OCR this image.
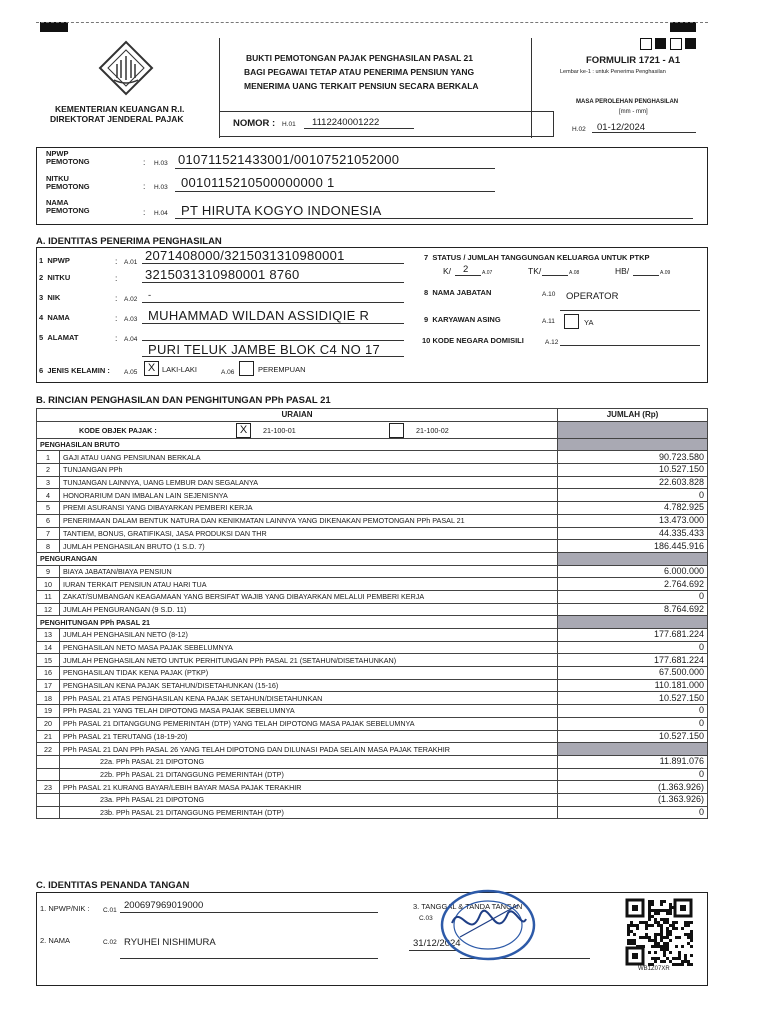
KEMENTERIAN KEUANGAN R.I.
DIREKTORAT JENDERAL PAJAK
BUKTI PEMOTONGAN PAJAK PENGHASILAN PASAL 21
BAGI PEGAWAI TETAP ATAU PENERIMA PENSIUN YANG
MENERIMA UANG TERKAIT PENSIUN SECARA BERKALA
NOMOR : H.01 1112240001222
FORMULIR 1721 - A1
Lembar ke-1 : untuk Penerima Penghasilan
MASA PEROLEHAN PENGHASILAN
[mm - mm]
H.02 01-12/2024
NPWP
PEMOTONG	: H.03 010711521433001/00107521052000
NITKU
PEMOTONG	: H.03 0010115210500000000 1
NAMA
PEMOTONG	: H.04 PT HIRUTA KOGYO INDONESIA
A. IDENTITAS PENERIMA PENGHASILAN
1  NPWP	: A.01 2071408000/3215031310980001
2  NITKU	: 3215031310980001 8760
3  NIK	: A.02 -
4  NAMA	: A.03 MUHAMMAD WILDAN ASSIDIQIE R
5  ALAMAT	: A.04
PURI TELUK JAMBE BLOK C4 NO 17
6  JENIS KELAMIN : A.05 X LAKI-LAKI	A.06	PEREMPUAN
7  STATUS / JUMLAH TANGGUNGAN KELUARGA UNTUK PTKP
K/ 2	A.07	TK/	A.08	HB/	A.09
8  NAMA JABATAN	A.10 OPERATOR
9  KARYAWAN ASING	A.11	YA
10 KODE NEGARA DOMISILI	A.12
B. RINCIAN PENGHASILAN DAN PENGHITUNGAN PPh PASAL 21
URAIAN		JUMLAH (Rp)

KODE OBJEK PAJAK : X 21-100-01 21-100-02		

PENGHASILAN BRUTO		
1	GAJI ATAU UANG PENSIUNAN BERKALA	90.723.580
2	TUNJANGAN PPh	10.527.150
3	TUNJANGAN LAINNYA, UANG LEMBUR DAN SEGALANYA	22.603.828
4	HONORARIUM DAN IMBALAN LAIN SEJENISNYA	0
5	PREMI ASURANSI YANG DIBAYARKAN PEMBERI KERJA	4.782.925
6	PENERIMAAN DALAM BENTUK NATURA DAN KENIKMATAN LAINNYA YANG DIKENAKAN PEMOTONGAN PPh PASAL 21	13.473.000
7	TANTIEM, BONUS, GRATIFIKASI, JASA PRODUKSI DAN THR	44.335.433
8	JUMLAH PENGHASILAN BRUTO (1 S.D. 7)	186.445.916
PENGURANGAN		
9	BIAYA JABATAN/BIAYA PENSIUN	6.000.000
10	IURAN TERKAIT PENSIUN ATAU HARI TUA	2.764.692
11	ZAKAT/SUMBANGAN KEAGAMAAN YANG BERSIFAT WAJIB YANG DIBAYARKAN MELALUI PEMBERI KERJA	0
12	JUMLAH PENGURANGAN (9 S.D. 11)	8.764.692
PENGHITUNGAN PPh PASAL 21		
13	JUMLAH PENGHASILAN NETO (8-12)	177.681.224
14	PENGHASILAN NETO MASA PAJAK SEBELUMNYA	0
15	JUMLAH PENGHASILAN NETO UNTUK PERHITUNGAN PPh PASAL 21 (SETAHUN/DISETAHUNKAN)	177.681.224
16	PENGHASILAN TIDAK KENA PAJAK (PTKP)	67.500.000
17	PENGHASILAN KENA PAJAK SETAHUN/DISETAHUNKAN (15-16)	110.181.000
18	PPh PASAL 21 ATAS PENGHASILAN KENA PAJAK SETAHUN/DISETAHUNKAN	10.527.150
19	PPh PASAL 21 YANG TELAH DIPOTONG MASA PAJAK SEBELUMNYA	0
20	PPh PASAL 21 DITANGGUNG PEMERINTAH (DTP) YANG TELAH DIPOTONG MASA PAJAK SEBELUMNYA	0
21	PPh PASAL 21 TERUTANG (18-19-20)	10.527.150
22	PPh PASAL 21 DAN PPh PASAL 26 YANG TELAH DIPOTONG DAN DILUNASI PADA SELAIN MASA PAJAK TERAKHIR	
	22a. PPh PASAL 21 DIPOTONG	11.891.076
	22b. PPh PASAL 21 DITANGGUNG PEMERINTAH (DTP)	0
23	PPh PASAL 21 KURANG BAYAR/LEBIH BAYAR MASA PAJAK TERAKHIR	(1.363.926)
	23a. PPh PASAL 21 DIPOTONG	(1.363.926)
	23b. PPh PASAL 21 DITANGGUNG PEMERINTAH (DTP)	0
C. IDENTITAS PENANDA TANGAN
1. NPWP/NIK : C.01 200697969019000
2. NAMA	C.02 RYUHEI NISHIMURA
3. TANGGAL & TANDA TANGAN
C.03
31/12/2024
WB1Z07XR
